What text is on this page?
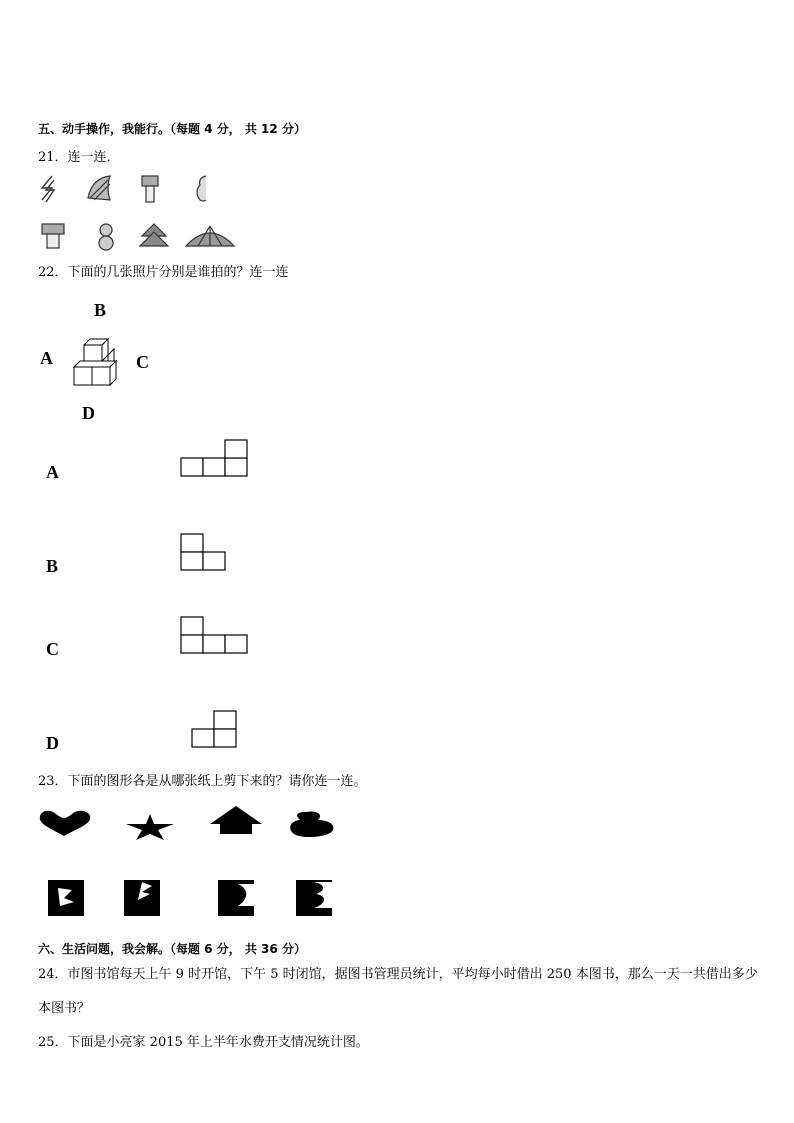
五、动手操作，我能行。（每题 4 分， 共 12 分）
21．连一连．
22．下面的几张照片分别是谁拍的？连一连
B
A	C
D
A
B
C
D
23．下面的图形各是从哪张纸上剪下来的？请你连一连。
六、生活问题，我会解。（每题 6 分， 共 36 分）
24．市图书馆每天上午 9 时开馆，下午 5 时闭馆，据图书管理员统计，平均每小时借出 250 本图书，那么一天一共借出多少本图书？
25．下面是小亮家 2015 年上半年水费开支情况统计图。
